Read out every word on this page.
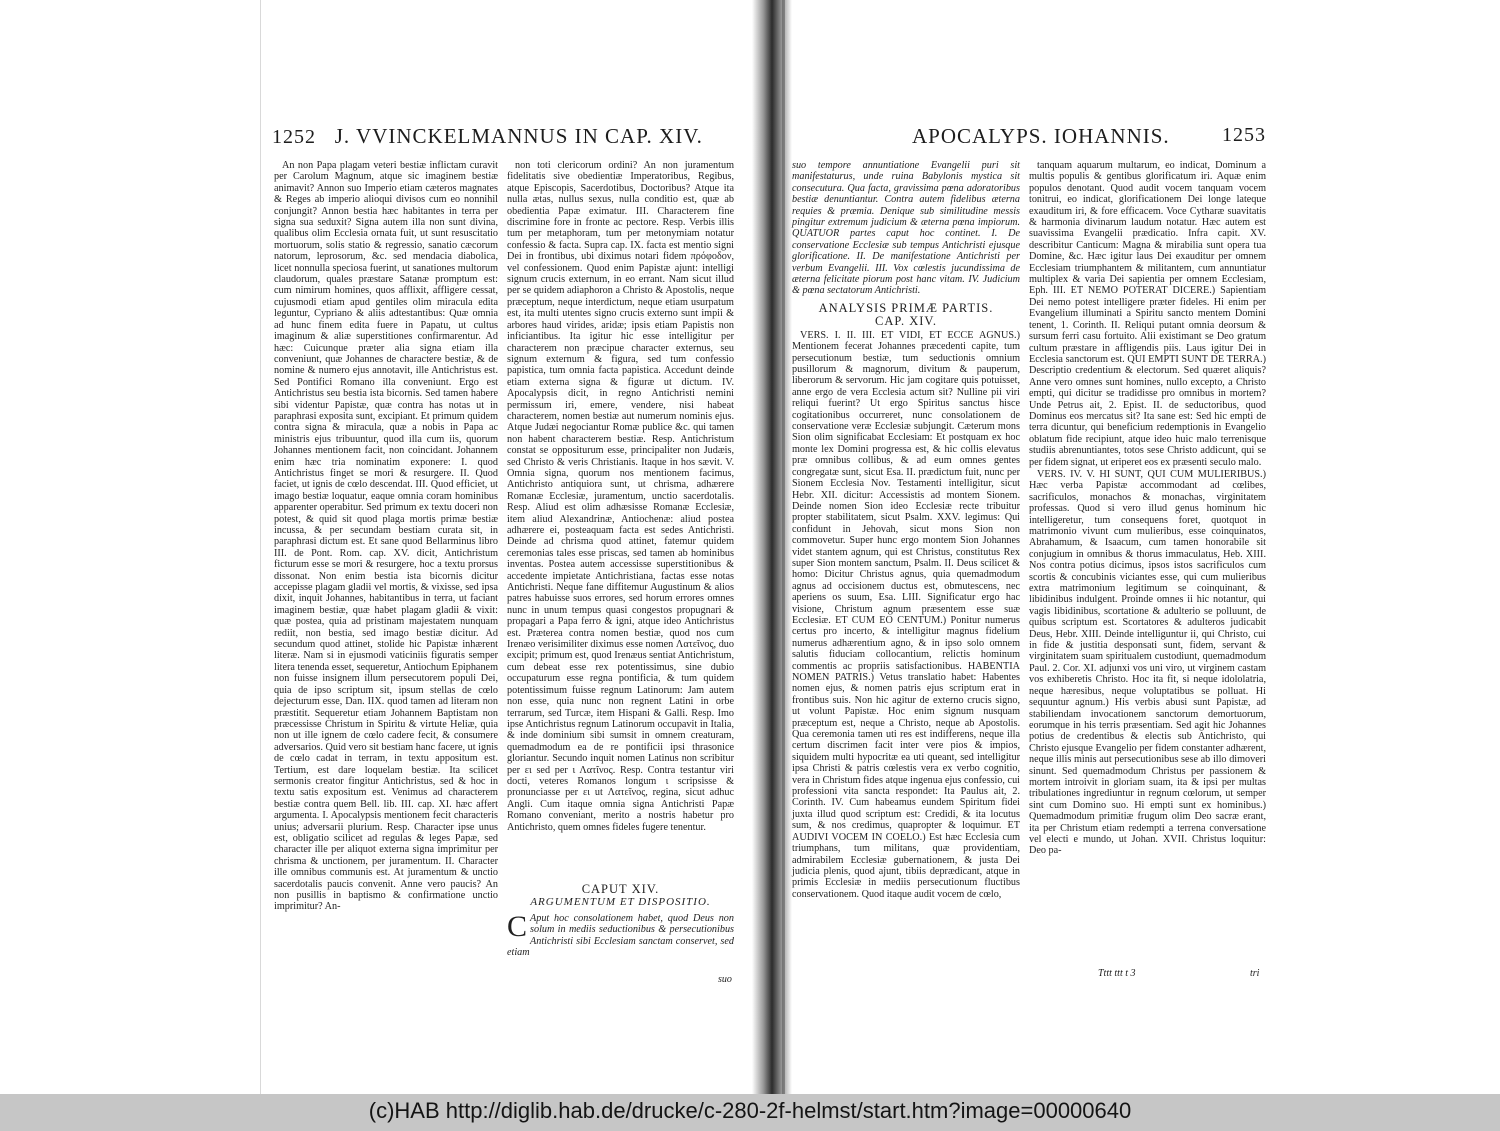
1252 J. VVINCKELMANNUS IN CAP. XIV.	APOCALYPS. IOHANNIS.	1253

An non Papa plagam veteri bestiæ inflictam curavit per Carolum Magnum, atque sic imaginem bestiæ animavit? Annon suo Imperio etiam cæteros magnates & Reges ab imperio alioqui divisos cum eo nonnihil conjungit? Annon bestia hæc habitantes in terra per signa sua seduxit? Signa autem illa non sunt divina, qualibus olim Ecclesia ornata fuit, ut sunt resuscitatio mortuorum, solis statio & regressio, sanatio cæcorum natorum, leprosorum, &c. sed mendacia diabolica, licet nonnulla speciosa fuerint, ut sanationes multorum claudorum, quales præstare Satanæ promptum est: cum nimirum homines, quos afflixit, affligere cessat, cujusmodi etiam apud gentiles olim miracula edita leguntur, Cypriano & aliis adtestantibus: Quæ omnia ad hunc finem edita fuere in Papatu, ut cultus imaginum & aliæ superstitiones confirmarentur. Ad hæc: Cuicunque præter alia signa etiam illa conveniunt, quæ Johannes de charactere bestiæ, & de nomine & numero ejus annotavit, ille Antichristus est. Sed Pontifici Romano illa conveniunt. Ergo est Antichristus seu bestia ista bicornis. Sed tamen habere sibi videntur Papistæ, quæ contra has notas ut in paraphrasi exposita sunt, excipiant. Et primum quidem contra signa & miracula, quæ a nobis in Papa ac ministris ejus tribuuntur, quod illa cum iis, quorum Johannes mentionem facit, non coincidant. Johannem enim hæc tria nominatim exponere: I. quod Antichristus finget se mori & resurgere. II. Quod faciet, ut ignis de cœlo descendat. III. Quod efficiet, ut imago bestiæ loquatur, eaque omnia coram hominibus apparenter operabitur. Sed primum ex textu doceri non potest, & quid sit quod plaga mortis primæ bestiæ incussa, & per secundam bestiam curata sit, in paraphrasi dictum est. Et sane quod Bellarminus libro III. de Pont. Rom. cap. XV. dicit, Antichristum ficturum esse se mori & resurgere, hoc a textu prorsus dissonat. Non enim bestia ista bicornis dicitur accepisse plagam gladii vel mortis, & vixisse, sed ipsa dixit, inquit Johannes, habitantibus in terra, ut faciant imaginem bestiæ, quæ habet plagam gladii & vixit: quæ postea, quia ad pristinam majestatem nunquam rediit, non bestia, sed imago bestiæ dicitur. Ad secundum quod attinet, stolide hic Papistæ inhærent literæ. Nam si in ejusmodi vaticiniis figuratis semper litera tenenda esset, sequeretur, Antiochum Epiphanem non fuisse insignem illum persecutorem populi Dei, quia de ipso scriptum sit, ipsum stellas de cœlo dejecturum esse, Dan. IIX. quod tamen ad literam non præstitit. Sequeretur etiam Johannem Baptistam non præcessisse Christum in Spiritu & virtute Heliæ, quia non ut ille ignem de cœlo cadere fecit, & consumere adversarios. Quid vero sit bestiam hanc facere, ut ignis de cœlo cadat in terram, in textu appositum est. Tertium, est dare loquelam bestiæ. Ita scilicet sermonis creator fingitur Antichristus, sed & hoc in textu satis expositum est. Venimus ad characterem bestiæ contra quem Bell. lib. III. cap. XI. hæc affert argumenta. I. Apocalypsis mentionem fecit characteris unius; adversarii plurium. Resp. Character ipse unus est, obligatio scilicet ad regulas & leges Papæ, sed character ille per aliquot externa signa imprimitur per chrisma & unctionem, per juramentum. II. Character ille omnibus communis est. At juramentum & unctio sacerdotalis paucis convenit. Anne vero paucis? An non pusillis in baptismo & confirmatione unctio imprimitur? An-

non toti clericorum ordini? An non juramentum fidelitatis sive obedientiæ Imperatoribus, Regibus, atque Episcopis, Sacerdotibus, Doctoribus? Atque ita nulla ætas, nullus sexus, nulla conditio est, quæ ab obedientia Papæ eximatur. III. Characterem fine discrimine fore in fronte ac pectore. Resp. Verbis illis tum per metaphoram, tum per metonymiam notatur confessio & facta. Supra cap. IX. facta est mentio signi Dei in frontibus, ubi diximus notari fidem πρόφοδον, vel confessionem. Quod enim Papistæ ajunt: intelligi signum crucis externum, in eo errant. Nam sicut illud per se quidem adiaphoron a Christo & Apostolis, neque præceptum, neque interdictum, neque etiam usurpatum est, ita multi utentes signo crucis externo sunt impii & arbores haud virides, aridæ; ipsis etiam Papistis non inficiantibus. Ita igitur hic esse intelligitur per characterem non præcipue character externus, seu signum externum & figura, sed tum confessio papistica, tum omnia facta papistica. Accedunt deinde etiam externa signa & figuræ ut dictum. IV. Apocalypsis dicit, in regno Antichristi nemini permissum iri, emere, vendere, nisi habeat characterem, nomen bestiæ aut numerum nominis ejus. Atque Judæi negociantur Romæ publice &c. qui tamen non habent characterem bestiæ. Resp. Antichristum constat se oppositurum esse, principaliter non Judæis, sed Christo & veris Christianis. Itaque in hos sævit. V. Omnia signa, quorum nos mentionem facimus, Antichristo antiquiora sunt, ut chrisma, adhærere Romanæ Ecclesiæ, juramentum, unctio sacerdotalis. Resp. Aliud est olim adhæsisse Romanæ Ecclesiæ, item aliud Alexandrinæ, Antiochenæ: aliud postea adhærere ei, posteaquam facta est sedes Antichristi. Deinde ad chrisma quod attinet, fatemur quidem ceremonias tales esse priscas, sed tamen ab hominibus inventas. Postea autem accessisse superstitionibus & accedente impietate Antichristiana, factas esse notas Antichristi. Neque fane diffitemur Augustinum & alios patres habuisse suos errores, sed horum errores omnes nunc in unum tempus quasi congestos propugnari & propagari a Papa ferro & igni, atque ideo Antichristus est. Præterea contra nomen bestiæ, quod nos cum Irenæo verisimiliter diximus esse nomen Λατεῖνος, duo excipit; primum est, quod Irenæus sentiat Antichristum, cum debeat esse rex potentissimus, sine dubio occupaturum esse regna pontificia, & tum quidem potentissimum fuisse regnum Latinorum: Jam autem non esse, quia nunc non regnent Latini in orbe terrarum, sed Turcæ, item Hispani & Galli. Resp. Imo ipse Antichristus regnum Latinorum occupavit in Italia, & inde dominium sibi sumsit in omnem creaturam, quemadmodum ea de re pontificii ipsi thrasonice gloriantur. Secundo inquit nomen Latinus non scribitur per ει sed per ι Λατῖνος. Resp. Contra testantur viri docti, veteres Romanos longum ι scripsisse & pronunciasse per ει ut Λατεῖνος, regina, sicut adhuc Angli. Cum itaque omnia signa Antichristi Papæ Romano conveniant, merito a nostris habetur pro Antichristo, quem omnes fideles fugere tenentur.

CAPUT XIV.
ARGUMENTUM ET DISPOSITIO.
C Aput hoc consolationem habet, quod Deus non solum in mediis seductionibus & persecutionibus Antichristi sibi Ecclesiam sanctam conservet, sed etiam
suo
suo tempore annuntiatione Evangelii puri sit manifestaturus, unde ruina Babylonis mystica sit consecutura. Qua facta, gravissima pœna adoratoribus bestiæ denuntiantur. Contra autem fidelibus æterna requies & præmia. Denique sub similitudine messis pingitur extremum judicium & æterna pœna impiorum. QUATUOR partes caput hoc continet. I. De conservatione Ecclesiæ sub tempus Antichristi ejusque glorificatione. II. De manifestatione Antichristi per verbum Evangelii. III. Vox cœlestis jucundissima de æterna felicitate piorum post hanc vitam. IV. Judicium & pœna sectatorum Antichristi.
ANALYSIS PRIMÆ PARTIS.
CAP. XIV.

VERS. I. II. III. ET VIDI, ET ECCE AGNUS.) Mentionem fecerat Johannes præcedenti capite, tum persecutionum bestiæ, tum seductionis omnium pusillorum & magnorum, divitum & pauperum, liberorum & servorum. Hic jam cogitare quis potuisset, anne ergo de vera Ecclesia actum sit? Nulline pii viri reliqui fuerint? Ut ergo Spiritus sanctus hisce cogitationibus occurreret, nunc consolationem de conservatione veræ Ecclesiæ subjungit. Cæterum mons Sion olim significabat Ecclesiam: Et postquam ex hoc monte lex Domini progressa est, & hic collis elevatus præ omnibus collibus, & ad eum omnes gentes congregatæ sunt, sicut Esa. II. prædictum fuit, nunc per Sionem Ecclesia Nov. Testamenti intelligitur, sicut Hebr. XII. dicitur: Accessistis ad montem Sionem. Deinde nomen Sion ideo Ecclesiæ recte tribuitur propter stabilitatem, sicut Psalm. XXV. legimus: Qui confidunt in Jehovah, sicut mons Sion non commovetur. Super hunc ergo montem Sion Johannes videt stantem agnum, qui est Christus, constitutus Rex super Sion montem sanctum, Psalm. II. Deus scilicet & homo: Dicitur Christus agnus, quia quemadmodum agnus ad occisionem ductus est, obmutescens, nec aperiens os suum, Esa. LIII. Significatur ergo hac visione, Christum agnum præsentem esse suæ Ecclesiæ. ET CUM EO CENTUM.) Ponitur numerus certus pro incerto, & intelligitur magnus fidelium numerus adhærentium agno, & in ipso solo omnem salutis fiduciam collocantium, relictis hominum commentis ac propriis satisfactionibus. HABENTIA NOMEN PATRIS.) Vetus translatio habet: Habentes nomen ejus, & nomen patris ejus scriptum erat in frontibus suis. Non hic agitur de externo crucis signo, ut volunt Papistæ. Hoc enim signum nusquam præceptum est, neque a Christo, neque ab Apostolis. Qua ceremonia tamen uti res est indifferens, neque illa certum discrimen facit inter vere pios & impios, siquidem multi hypocritæ ea uti queant, sed intelligitur ipsa Christi & patris cœlestis vera ex verbo cognitio, vera in Christum fides atque ingenua ejus confessio, cui professioni vita sancta respondet: Ita Paulus ait, 2. Corinth. IV. Cum habeamus eundem Spiritum fidei juxta illud quod scriptum est: Credidi, & ita locutus sum, & nos credimus, quapropter & loquimur. ET AUDIVI VOCEM IN COELO.) Est hæc Ecclesia cum triumphans, tum militans, quæ providentiam, admirabilem Ecclesiæ gubernationem, & justa Dei judicia plenis, quod ajunt, tibiis deprædicant, atque in primis Ecclesiæ in mediis persecutionum fluctibus conservationem. Quod itaque audit vocem de cœlo,

tanquam aquarum multarum, eo indicat, Dominum a multis populis & gentibus glorificatum iri. Aquæ enim populos denotant. Quod audit vocem tanquam vocem tonitrui, eo indicat, glorificationem Dei longe lateque exauditum iri, & fore efficacem. Voce Cytharæ suavitatis & harmonia divinarum laudum notatur. Hæc autem est suavissima Evangelii prædicatio. Infra capit. XV. describitur Canticum: Magna & mirabilia sunt opera tua Domine, &c. Hæc igitur laus Dei exauditur per omnem Ecclesiam triumphantem & militantem, cum annuntiatur multiplex & varia Dei sapientia per omnem Ecclesiam, Eph. III. ET NEMO POTERAT DICERE.) Sapientiam Dei nemo potest intelligere præter fideles. Hi enim per Evangelium illuminati a Spiritu sancto mentem Domini tenent, 1. Corinth. II. Reliqui putant omnia deorsum & sursum ferri casu fortuito. Alii existimant se Deo gratum cultum præstare in affligendis piis. Laus igitur Dei in Ecclesia sanctorum est. QUI EMPTI SUNT DE TERRA.) Descriptio credentium & electorum. Sed quæret aliquis? Anne vero omnes sunt homines, nullo excepto, a Christo empti, qui dicitur se tradidisse pro omnibus in mortem? Unde Petrus ait, 2. Epist. II. de seductoribus, quod Dominus eos mercatus sit? Ita sane est: Sed hic empti de terra dicuntur, qui beneficium redemptionis in Evangelio oblatum fide recipiunt, atque ideo huic malo terrenisque studiis abrenuntiantes, totos sese Christo addicunt, qui se per fidem signat, ut eriperet eos ex præsenti seculo malo.

VERS. IV. V. HI SUNT, QUI CUM MULIERIBUS.) Hæc verba Papistæ accommodant ad cœlibes, sacrificulos, monachos & monachas, virginitatem professas. Quod si vero illud genus hominum hic intelligeretur, tum consequens foret, quotquot in matrimonio vivunt cum mulieribus, esse coinquinatos, Abrahamum, & Isaacum, cum tamen honorabile sit conjugium in omnibus & thorus immaculatus, Heb. XIII. Nos contra potius dicimus, ipsos istos sacrificulos cum scortis & concubinis viciantes esse, qui cum mulieribus extra matrimonium legitimum se coinquinant, & libidinibus indulgent. Proinde omnes ii hic notantur, qui vagis libidinibus, scortatione & adulterio se polluunt, de quibus scriptum est. Scortatores & adulteros judicabit Deus, Hebr. XIII. Deinde intelliguntur ii, qui Christo, cui in fide & justitia desponsati sunt, fidem, servant & virginitatem suam spiritualem custodiunt, quemadmodum Paul. 2. Cor. XI. adjunxi vos uni viro, ut virginem castam vos exhiberetis Christo. Hoc ita fit, si neque idololatria, neque hæresibus, neque voluptatibus se polluat. Hi sequuntur agnum.) His verbis abusi sunt Papistæ, ad stabiliendam invocationem sanctorum demortuorum, eorumque in his terris præsentiam. Sed agit hic Johannes potius de credentibus & electis sub Antichristo, qui Christo ejusque Evangelio per fidem constanter adhærent, neque illis minis aut persecutionibus sese ab illo dimoveri sinunt. Sed quemadmodum Christus per passionem & mortem introivit in gloriam suam, ita & ipsi per multas tribulationes ingrediuntur in regnum cœlorum, ut semper sint cum Domino suo. Hi empti sunt ex hominibus.) Quemadmodum primitiæ frugum olim Deo sacræ erant, ita per Christum etiam redempti a terrena conversatione vel electi e mundo, ut Johan. XVII. Christus loquitur: Deo pa-

Tttt ttt t 3	tri
(c)HAB http://diglib.hab.de/drucke/c-280-2f-helmst/start.htm?image=00000640
